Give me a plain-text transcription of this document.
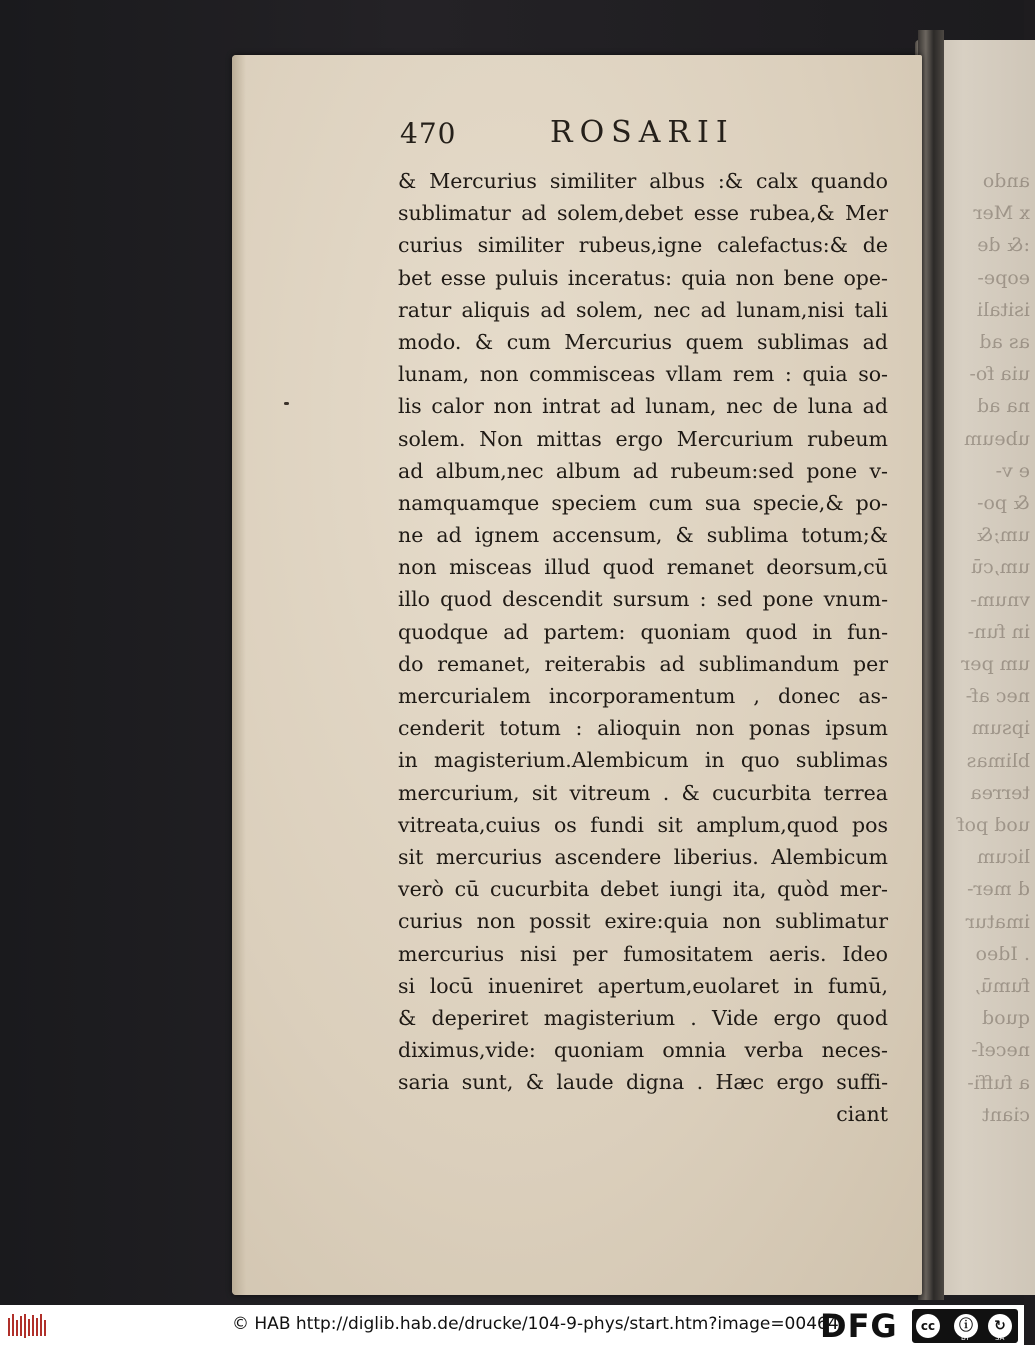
ando
x Mer
:& de
eope-
isitali
as ad
uia fo-
na ad
ubeum
e v-
& po-
um;&
um,cū
vnum-
in fun-
um per
nec af-
ipsum
blimas
terrea
uod pof
licum
d mer-
imatur
. Ideo
fumū,
quod
neceſ-
a fuffi-
ciant
470	ROSARII
& Mercurius similiter albus :& calx quando
sublimatur ad solem,debet esse rubea,& Mer
curius similiter rubeus,igne calefactus:& de
bet esse puluis inceratus: quia non bene ope-
ratur aliquis ad solem, nec ad lunam,nisi tali
modo. & cum Mercurius quem sublimas ad
lunam, non commisceas vllam rem : quia so-
lis calor non intrat ad lunam, nec de luna ad
solem. Non mittas ergo Mercurium rubeum
ad album,nec album ad rubeum:sed pone v-
namquamque speciem cum sua specie,& po-
ne ad ignem accensum, & sublima totum;&
non misceas illud quod remanet deorsum,cū
illo quod descendit sursum : sed pone vnum-
quodque ad partem: quoniam quod in fun-
do remanet, reiterabis ad sublimandum per
mercurialem incorporamentum , donec as-
cenderit totum : alioquin non ponas ipsum
in magisterium.Alembicum in quo sublimas
mercurium, sit vitreum . & cucurbita terrea
vitreata,cuius os fundi sit amplum,quod pos
sit mercurius ascendere liberius. Alembicum
verò cū cucurbita debet iungi ita, quòd mer-
curius non possit exire:quia non sublimatur
mercurius nisi per fumositatem aeris. Ideo
si locū inueniret apertum,euolaret in fumū,
& deperiret magisterium . Vide ergo quod
diximus,vide: quoniam omnia verba neces-
saria sunt, & laude digna . Hæc ergo suffi-
ciant
© HAB http://diglib.hab.de/drucke/104-9-phys/start.htm?image=00464
DFG	cc	ⓘ	↻
BY	SA
